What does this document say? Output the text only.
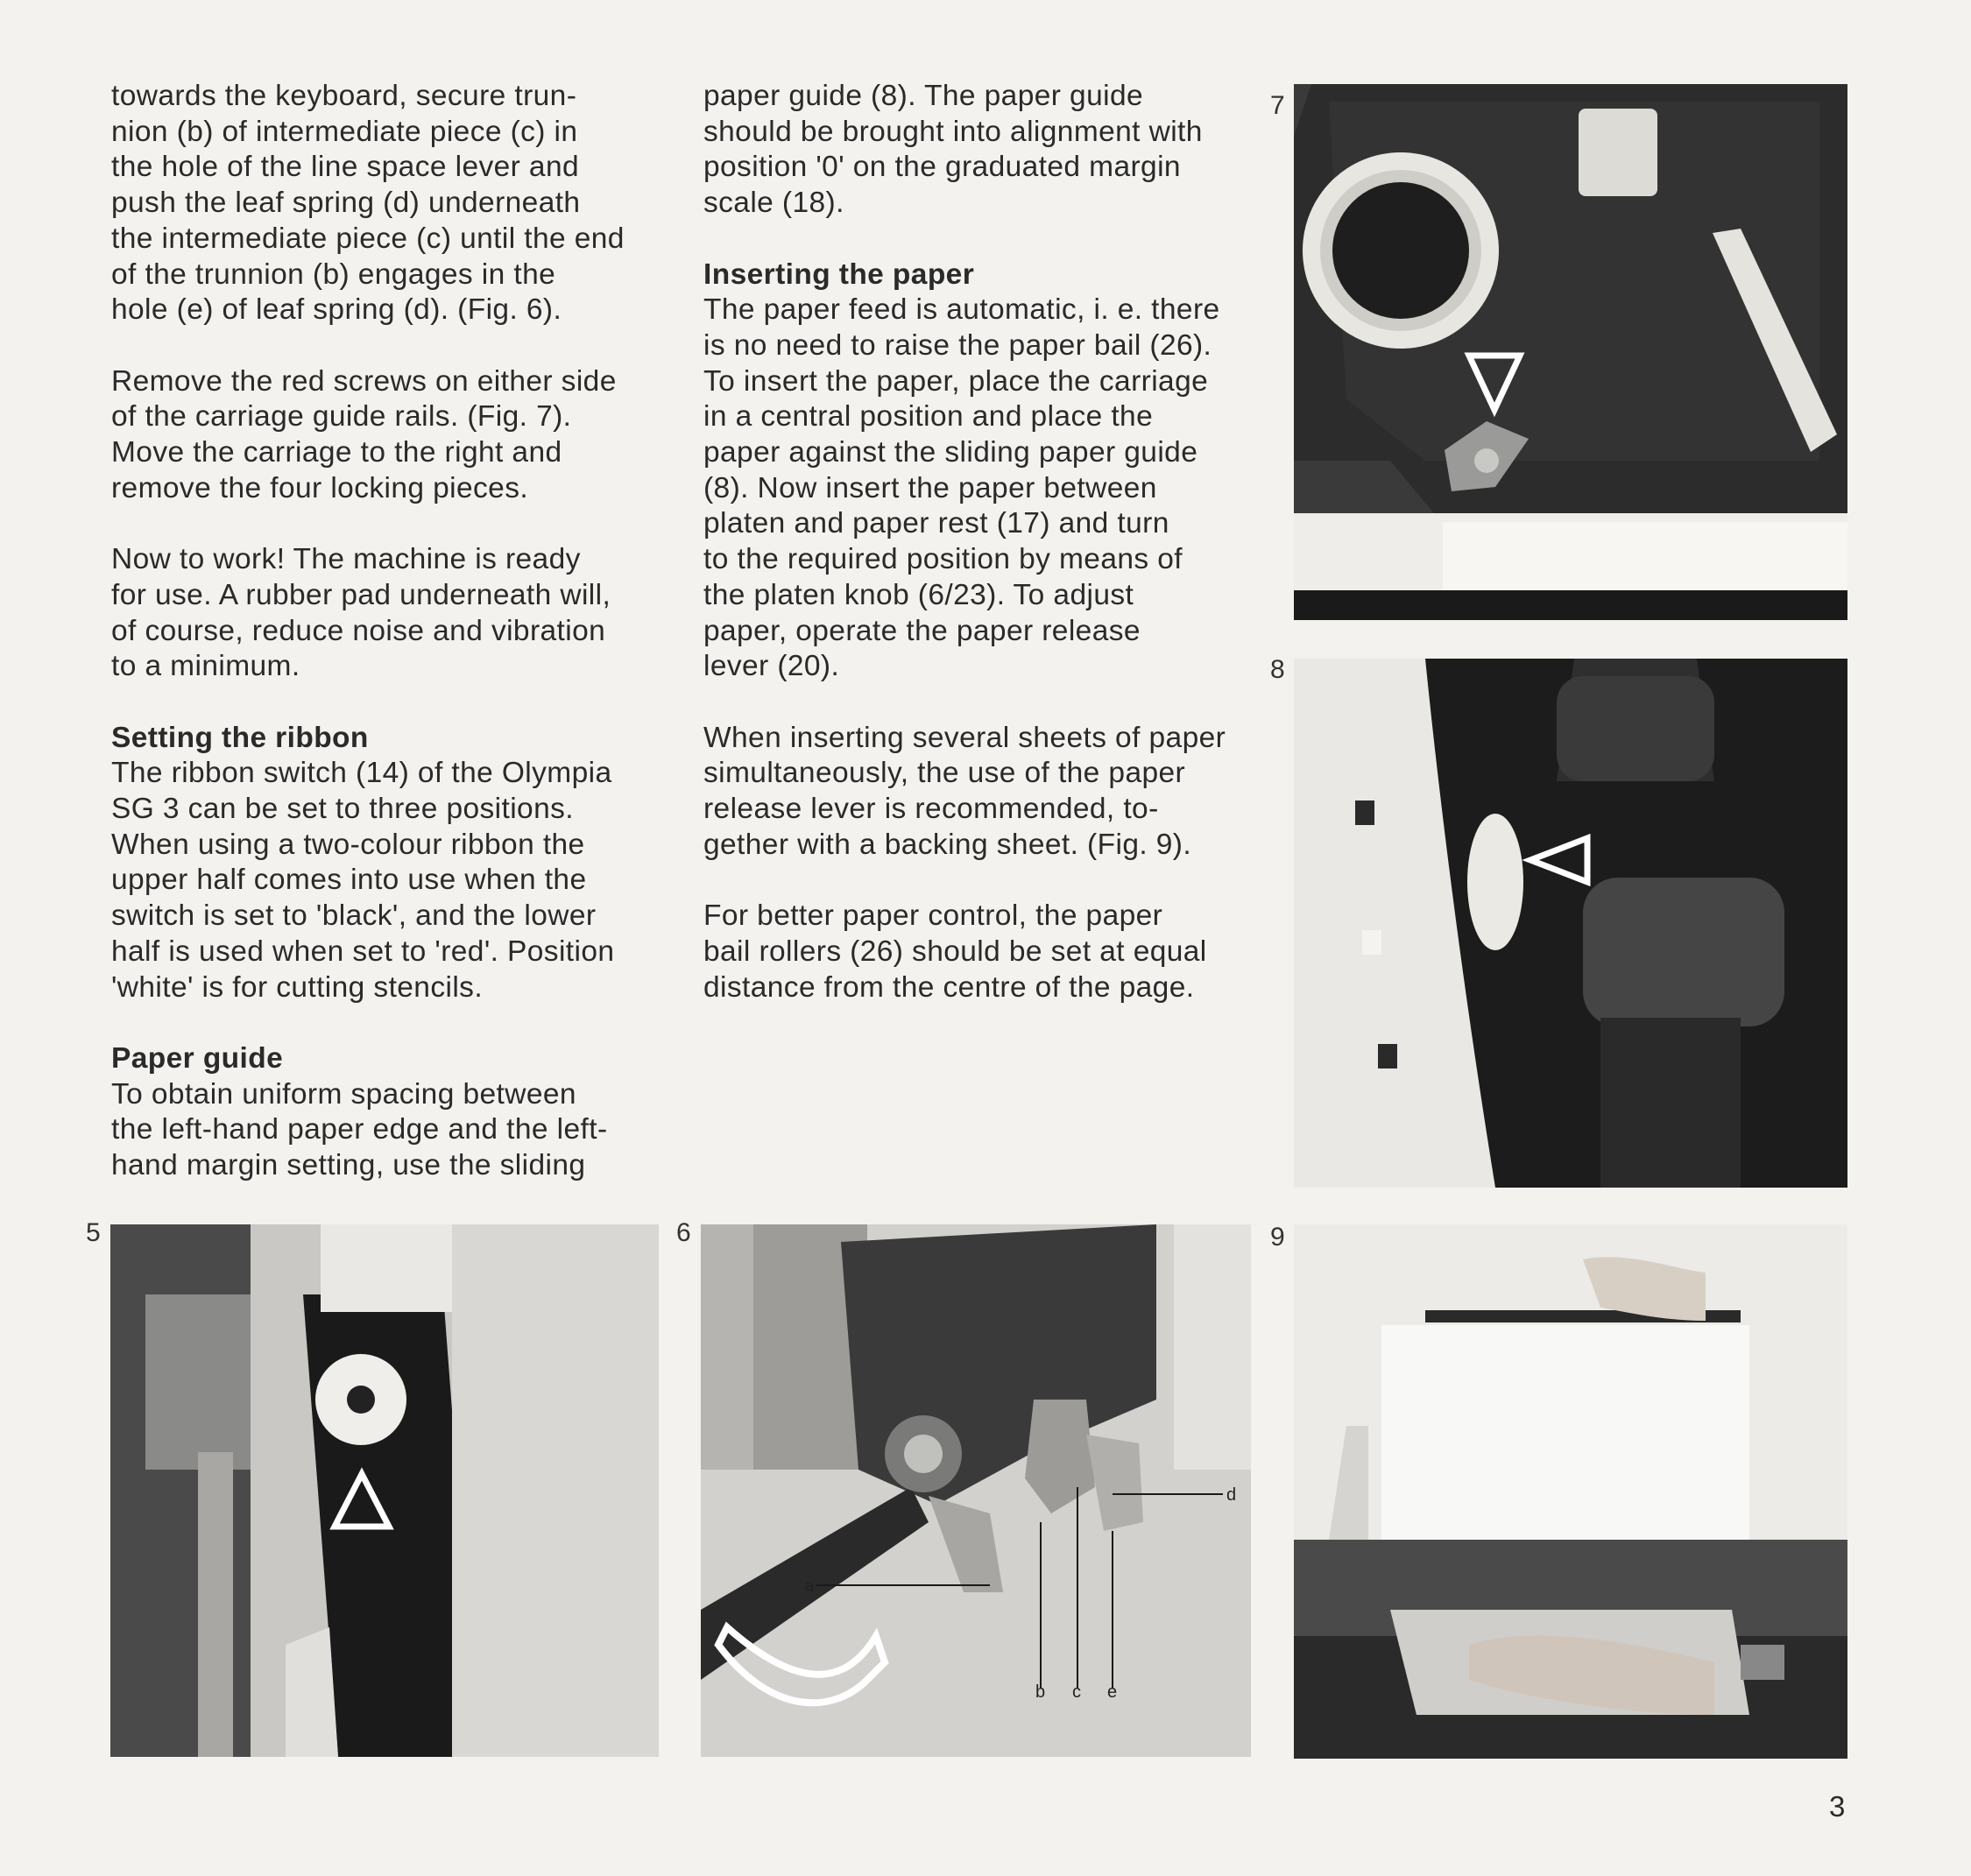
towards the keyboard, secure trun-
nion (b) of intermediate piece (c) in
the hole of the line space lever and
push the leaf spring (d) underneath
the intermediate piece (c) until the end
of the trunnion (b) engages in the
hole (e) of leaf spring (d). (Fig. 6).

Remove the red screws on either side
of the carriage guide rails. (Fig. 7).
Move the carriage to the right and
remove the four locking pieces.

Now to work! The machine is ready
for use. A rubber pad underneath will,
of course, reduce noise and vibration
to a minimum.

Setting the ribbon

The ribbon switch (14) of the Olympia
SG 3 can be set to three positions.
When using a two-colour ribbon the
upper half comes into use when the
switch is set to 'black', and the lower
half is used when set to 'red'. Position
'white' is for cutting stencils.

Paper guide

To obtain uniform spacing between
the left-hand paper edge and the left-
hand margin setting, use the sliding

paper guide (8). The paper guide
should be brought into alignment with
position '0' on the graduated margin
scale (18).

Inserting the paper

The paper feed is automatic, i. e. there
is no need to raise the paper bail (26).
To insert the paper, place the carriage
in a central position and place the
paper against the sliding paper guide
(8). Now insert the paper between
platen and paper rest (17) and turn
to the required position by means of
the platen knob (6/23). To adjust
paper, operate the paper release
lever (20).

When inserting several sheets of paper
simultaneously, the use of the paper
release lever is recommended, to-
gether with a backing sheet. (Fig. 9).

For better paper control, the paper
bail rollers (26) should be set at equal
distance from the centre of the page.

7
8
5	6
a
d
b c e
9
3
